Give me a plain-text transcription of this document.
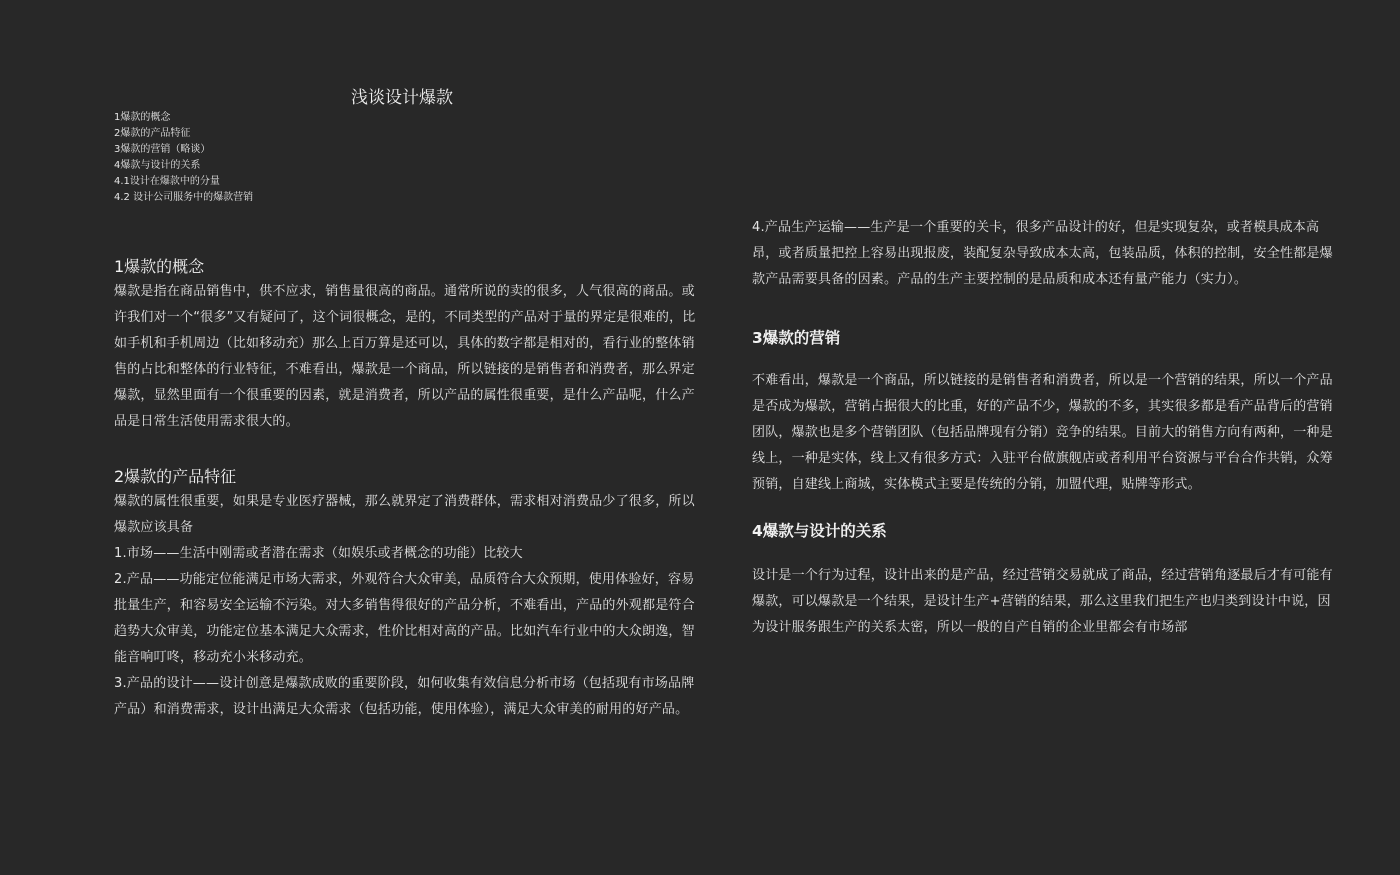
浅谈设计爆款
1爆款的概念
2爆款的产品特征
3爆款的营销（略谈）
4爆款与设计的关系
4.1设计在爆款中的分量
4.2 设计公司服务中的爆款营销
1爆款的概念

爆款是指在商品销售中，供不应求，销售量很高的商品。通常所说的卖的很多，人气很高的商品。或许我们对一个“很多”又有疑问了，这个词很概念，是的，不同类型的产品对于量的界定是很难的，比如手机和手机周边（比如移动充）那么上百万算是还可以，具体的数字都是相对的，看行业的整体销售的占比和整体的行业特征，不难看出，爆款是一个商品，所以链接的是销售者和消费者，那么界定爆款，显然里面有一个很重要的因素，就是消费者，所以产品的属性很重要，是什么产品呢，什么产品是日常生活使用需求很大的。

2爆款的产品特征

爆款的属性很重要，如果是专业医疗器械，那么就界定了消费群体，需求相对消费品少了很多，所以爆款应该具备

1.市场——生活中刚需或者潜在需求（如娱乐或者概念的功能）比较大

2.产品——功能定位能满足市场大需求，外观符合大众审美，品质符合大众预期，使用体验好，容易批量生产，和容易安全运输不污染。对大多销售得很好的产品分析，不难看出，产品的外观都是符合趋势大众审美，功能定位基本满足大众需求，性价比相对高的产品。比如汽车行业中的大众朗逸，智能音响叮咚，移动充小米移动充。

3.产品的设计——设计创意是爆款成败的重要阶段，如何收集有效信息分析市场（包括现有市场品牌产品）和消费需求，设计出满足大众需求（包括功能，使用体验），满足大众审美的耐用的好产品。

4.产品生产运输——生产是一个重要的关卡，很多产品设计的好，但是实现复杂，或者模具成本高昂，或者质量把控上容易出现报废，装配复杂导致成本太高，包装品质，体积的控制，安全性都是爆款产品需要具备的因素。产品的生产主要控制的是品质和成本还有量产能力（实力）。

3爆款的营销

不难看出，爆款是一个商品，所以链接的是销售者和消费者，所以是一个营销的结果，所以一个产品是否成为爆款，营销占据很大的比重，好的产品不少，爆款的不多，其实很多都是看产品背后的营销团队，爆款也是多个营销团队（包括品牌现有分销）竞争的结果。目前大的销售方向有两种，一种是线上，一种是实体，线上又有很多方式：入驻平台做旗舰店或者利用平台资源与平台合作共销，众筹预销，自建线上商城，实体模式主要是传统的分销，加盟代理，贴牌等形式。

4爆款与设计的关系

设计是一个行为过程，设计出来的是产品，经过营销交易就成了商品，经过营销角逐最后才有可能有爆款，可以爆款是一个结果，是设计生产+营销的结果，那么这里我们把生产也归类到设计中说，因为设计服务跟生产的关系太密，所以一般的自产自销的企业里都会有市场部
